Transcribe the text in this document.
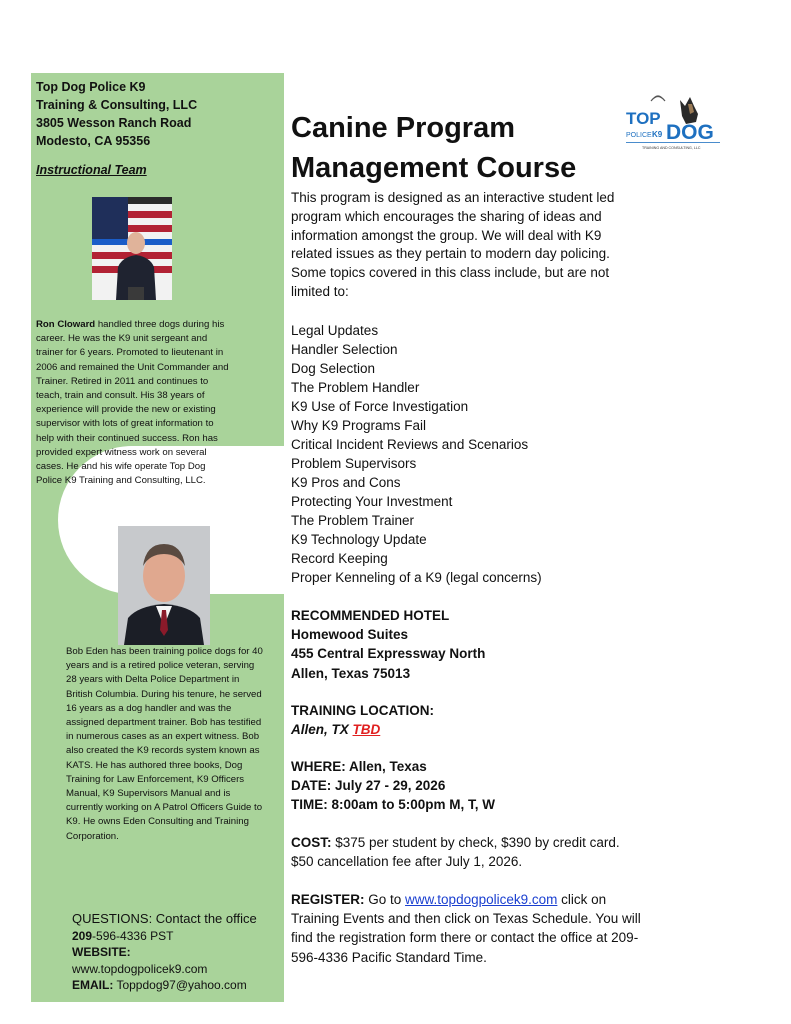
Top Dog Police K9
Training & Consulting, LLC
3805 Wesson Ranch Road
Modesto, CA 95356
Instructional Team
Ron Cloward handled three dogs during his career. He was the K9 unit sergeant and trainer for 6 years. Promoted to lieutenant in 2006 and remained the Unit Commander and Trainer. Retired in 2011 and continues to teach, train and consult. His 38 years of experience will provide the new or existing supervisor with lots of great information to help with their continued success. Ron has provided expert witness work on several cases. He and his wife operate Top Dog Police K9 Training and Consulting, LLC.
Bob Eden has been training police dogs for 40 years and is a retired police veteran, serving 28 years with Delta Police Department in British Columbia. During his tenure, he served 16 years as a dog handler and was the assigned department trainer. Bob has testified in numerous cases as an expert witness. Bob also created the K9 records system known as KATS. He has authored three books, Dog Training for Law Enforcement, K9 Officers Manual, K9 Supervisors Manual and is currently working on A Patrol Officers Guide to K9. He owns Eden Consulting and Training Corporation.
QUESTIONS: Contact the office
209-596-4336 PST
WEBSITE:
www.topdogpolicek9.com
EMAIL: Toppdog97@yahoo.com
Canine Program
Management Course
TOP
POLICE K9 DOG
TRAINING AND CONSULTING, LLC
This program is designed as an interactive student led program which encourages the sharing of ideas and information amongst the group. We will deal with K9 related issues as they pertain to modern day policing. Some topics covered in this class include, but are not limited to:
Legal Updates
Handler Selection
Dog Selection
The Problem Handler
K9 Use of Force Investigation
Why K9 Programs Fail
Critical Incident Reviews and Scenarios
Problem Supervisors
K9 Pros and Cons
Protecting Your Investment
The Problem Trainer
K9 Technology Update
Record Keeping
Proper Kenneling of a K9 (legal concerns)
RECOMMENDED HOTEL
Homewood Suites
455 Central Expressway North
Allen, Texas 75013
TRAINING LOCATION:
Allen, TX TBD
WHERE: Allen, Texas
DATE: July 27 - 29, 2026
TIME: 8:00am to 5:00pm M, T, W
COST: $375 per student by check, $390 by credit card.
$50 cancellation fee after July 1, 2026.
REGISTER: Go to www.topdogpolicek9.com click on Training Events and then click on Texas Schedule. You will find the registration form there or contact the office at 209-596-4336 Pacific Standard Time.
